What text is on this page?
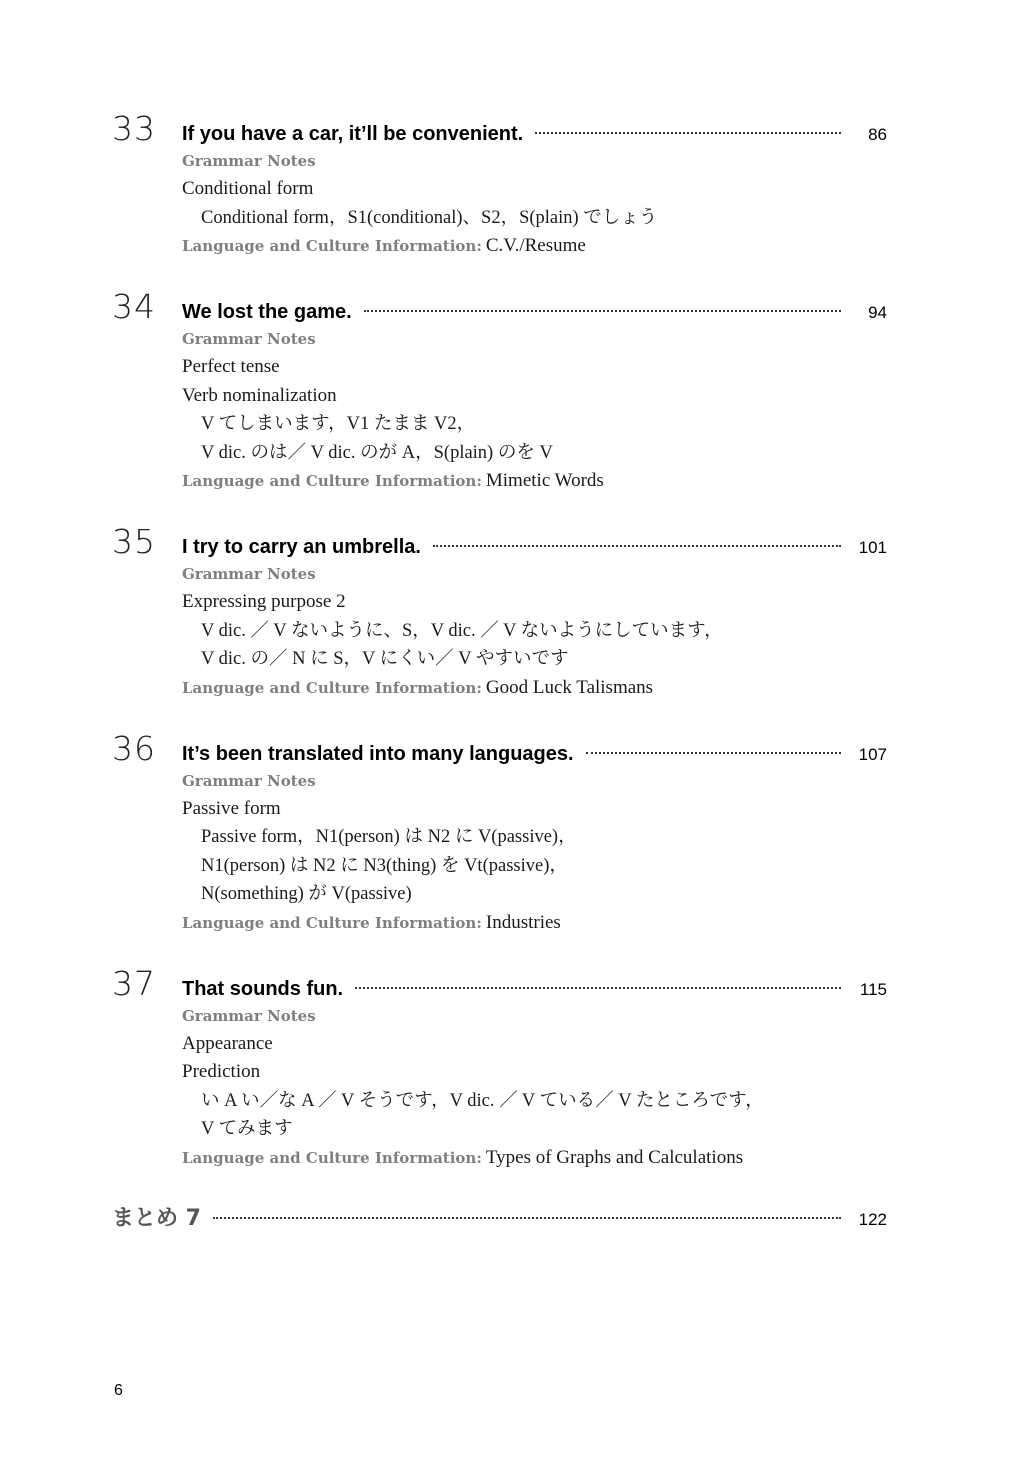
33	If you have a car, it’ll be convenient.	86
Grammar Notes
Conditional form
Conditional form，S1(conditional)、S2，S(plain) でしょう
Language and Culture Information: C.V./Resume
34	We lost the game.	94
Grammar Notes
Perfect tense
Verb nominalization
V てしまいます，V1 たまま V2，
V dic. のは／ V dic. のが A，S(plain) のを V
Language and Culture Information: Mimetic Words
35	I try to carry an umbrella.	101
Grammar Notes
Expressing purpose 2
V dic. ／ V ないように、S，V dic. ／ V ないようにしています，
V dic. の／ N に S，V にくい／ V やすいです
Language and Culture Information: Good Luck Talismans
36	It’s been translated into many languages.	107
Grammar Notes
Passive form
Passive form，N1(person) は N2 に V(passive)，
N1(person) は N2 に N3(thing) を Vt(passive)，
N(something) が V(passive)
Language and Culture Information: Industries
37	That sounds fun.	115
Grammar Notes
Appearance
Prediction
い A い／な A ／ V そうです，V dic. ／ V ている／ V たところです，
V てみます
Language and Culture Information: Types of Graphs and Calculations
まとめ 7	122
6
